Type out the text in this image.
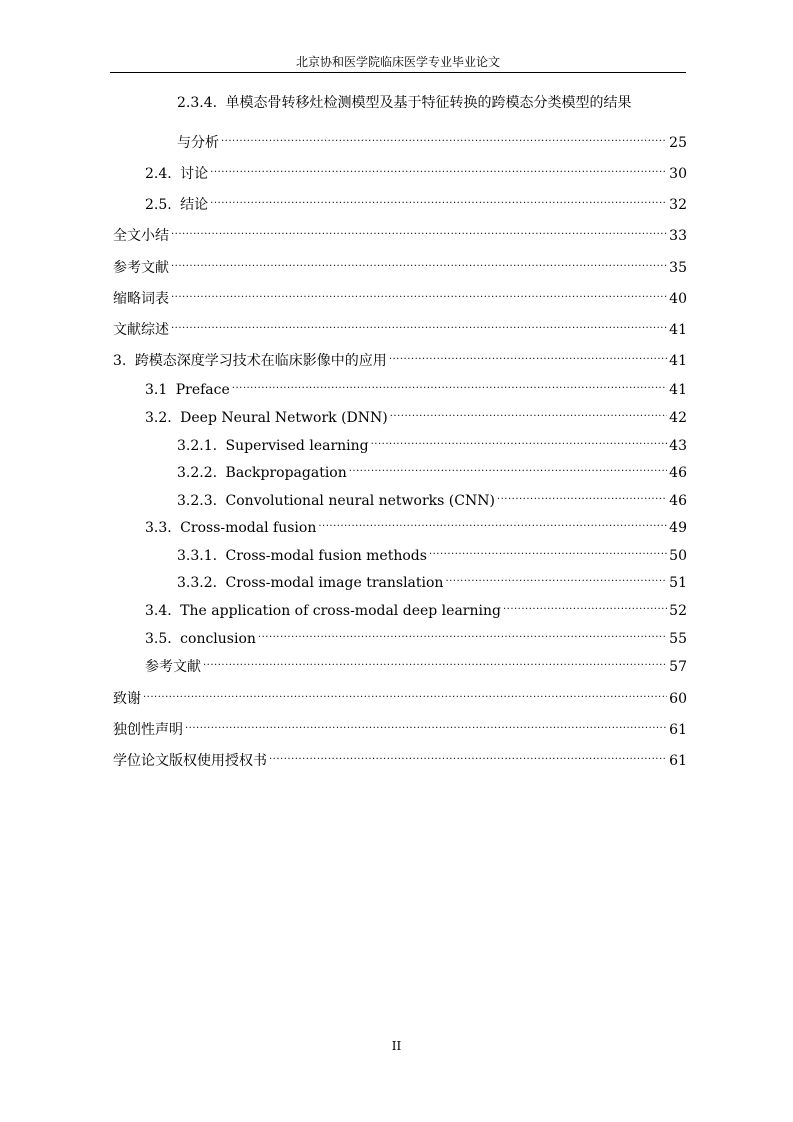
北京协和医学院临床医学专业毕业论文
2.3.4. 单模态骨转移灶检测模型及基于特征转换的跨模态分类模型的结果
与分析 .....	25
2.4. 讨论 .....	30
2.5. 结论 .....	32
全文小结 .....	33
参考文献 .....	35
缩略词表 .....	40
文献综述 .....	41
3. 跨模态深度学习技术在临床影像中的应用 .....	41
3.1 Preface .....	41
3.2. Deep Neural Network (DNN) .....	42
3.2.1. Supervised learning .....	43
3.2.2. Backpropagation .....	46
3.2.3. Convolutional neural networks (CNN) .....	46
3.3. Cross-modal fusion .....	49
3.3.1. Cross-modal fusion methods .....	50
3.3.2. Cross-modal image translation .....	51
3.4. The application of cross-modal deep learning .....	52
3.5. conclusion .....	55
参考文献 .....	57
致谢 .....	60
独创性声明 .....	61
学位论文版权使用授权书 .....	61
II
